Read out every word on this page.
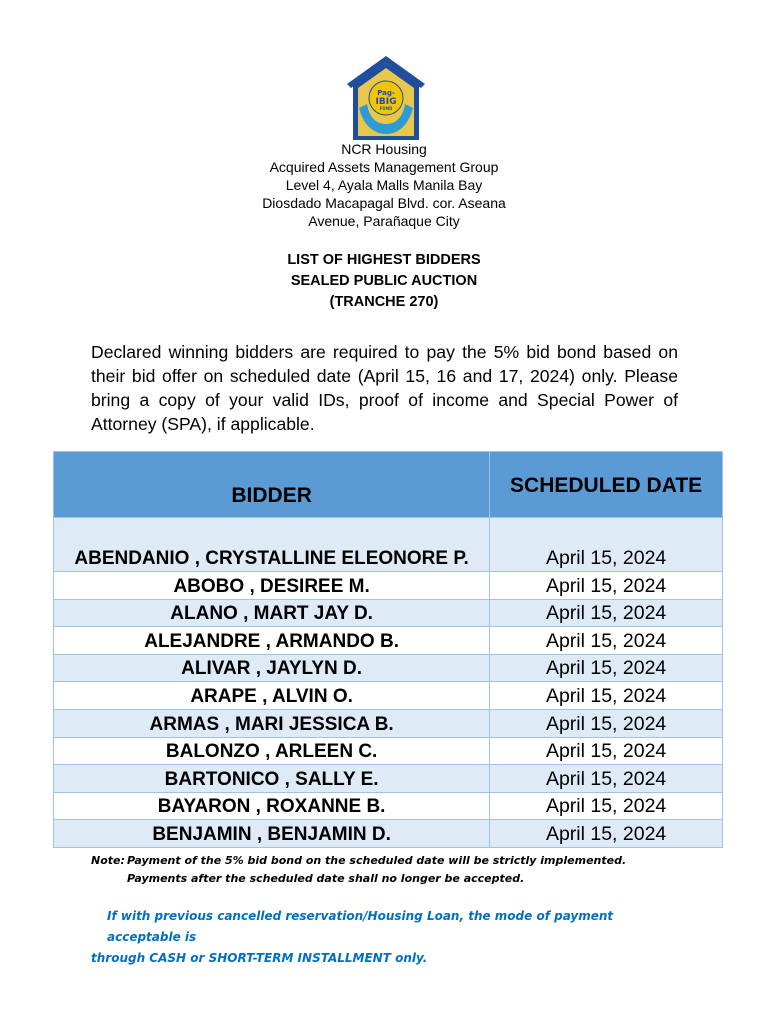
Pag-
IBIG
FUND
NCR Housing
Acquired Assets Management Group
Level 4, Ayala Malls Manila Bay
Diosdado Macapagal Blvd. cor. Aseana
Avenue, Parañaque City
LIST OF HIGHEST BIDDERS
SEALED PUBLIC AUCTION
(TRANCHE 270)

Declared winning bidders are required to pay the 5% bid bond based on their bid offer on scheduled date (April 15, 16 and 17, 2024) only. Please bring a copy of your valid IDs, proof of income and Special Power of Attorney (SPA), if applicable.

BIDDER	SCHEDULED DATE
ABENDANIO , CRYSTALLINE ELEONORE P.	April 15, 2024
ABOBO , DESIREE M.	April 15, 2024
ALANO , MART JAY D.	April 15, 2024
ALEJANDRE , ARMANDO B.	April 15, 2024
ALIVAR , JAYLYN D.	April 15, 2024
ARAPE , ALVIN O.	April 15, 2024
ARMAS , MARI JESSICA B.	April 15, 2024
BALONZO , ARLEEN C.	April 15, 2024
BARTONICO , SALLY E.	April 15, 2024
BAYARON , ROXANNE B.	April 15, 2024
BENJAMIN , BENJAMIN D.	April 15, 2024
Note: Payment of the 5% bid bond on the scheduled date will be strictly implemented.
Payments after the scheduled date shall no longer be accepted.
If with previous cancelled reservation/Housing Loan, the mode of payment acceptable is
through CASH or SHORT-TERM INSTALLMENT only.
